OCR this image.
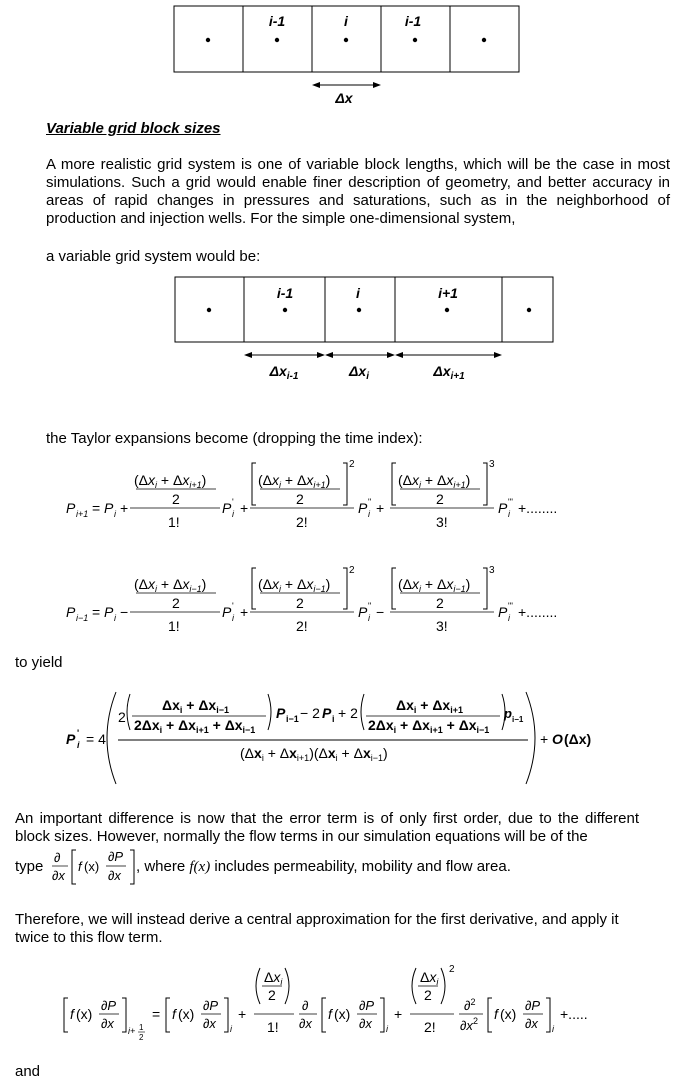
i-1	i	i-1
Δx
Variable grid block sizes
A more realistic grid system is one of variable block lengths, which will be the case in most simulations. Such a grid would enable finer description of geometry, and better accuracy in areas of rapid changes in pressures and saturations, such as in the neighborhood of production and injection wells. For the simple one-dimensional system,
a variable grid system would be:
i-1	i	i+1
$\Delta x_{i-1}$	$\Delta x_i$	$\Delta x_{i+1}$
the Taylor expansions become (dropping the time index):
P i+1 = P i +
$(\Delta x_i + \Delta x_{i+1})$
2
1!
P '
i +
$(\Delta x_i + \Delta x_{i+1})$
2
2
2!
P "
i +
$(\Delta x_i + \Delta x_{i+1})$
2
3
3!
P "'
i +........
P i−1 = P i −
$(\Delta x_i + \Delta x_{i-1})$
2
1!
P '
i +
$(\Delta x_i + \Delta x_{i-1})$
2
2
2!
P "
i −
$(\Delta x_i + \Delta x_{i-1})$
2
3
3!
P "'
i +........
to yield
P '
i = 4
2
$\Delta x_i + \Delta x_{i-1}$
$2\Delta x_i + \Delta x_{i+1} + \Delta x_{i-1}$
P i−1 − 2 P i + 2	$\Delta x_i + \Delta x_{i+1}$
$2\Delta x_i + \Delta x_{i+1} + \Delta x_{i-1}$
p i−1
$(\Delta x_i + \Delta x_{i+1})(\Delta x_i + \Delta x_{i-1})$
+ O (Δx)
An important difference is now that the error term is of only first order, due to the different block sizes. However, normally the flow terms in our simulation equations will be of the
type
∂
∂x
f (x)
∂P
∂x
, where f(x) includes permeability, mobility and flow area.
Therefore, we will instead derive a central approximation for the first derivative, and apply it twice to this flow term.
f (x)
∂P
∂x i+ 1
2
= f (x)
∂P
∂x i
+
$\Delta x_i$
2
1!
∂
∂x
f (x)
∂P
∂x i
+
$\Delta x_i$
2
2
2!
∂$^2$
$\partial x^2$ f (x)
∂P
∂x i
+.....
and
